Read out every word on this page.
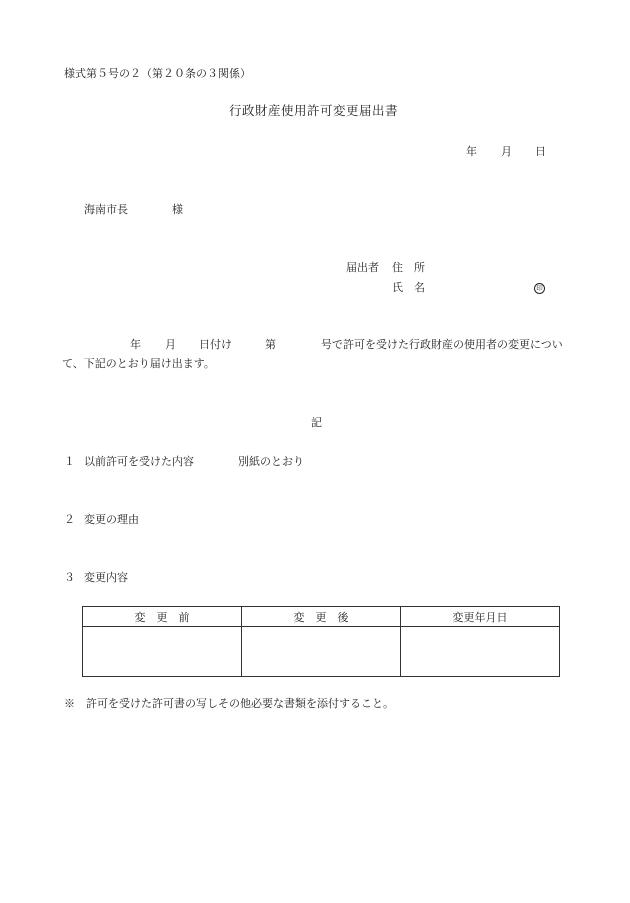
様式第５号の２（第２０条の３関係）
行政財産使用許可変更届出書
年 月 日
海南市長	様
届出者 住　所
氏　名	印
年 月 日付け	第	号で許可を受けた行政財産の使用者の変更につい
て、下記のとおり届け出ます。
記
１ 以前許可を受けた内容	別紙のとおり
２ 変更の理由
３ 変更内容
変　更　前	変　更　後	変更年月日

※　許可を受けた許可書の写しその他必要な書類を添付すること。
